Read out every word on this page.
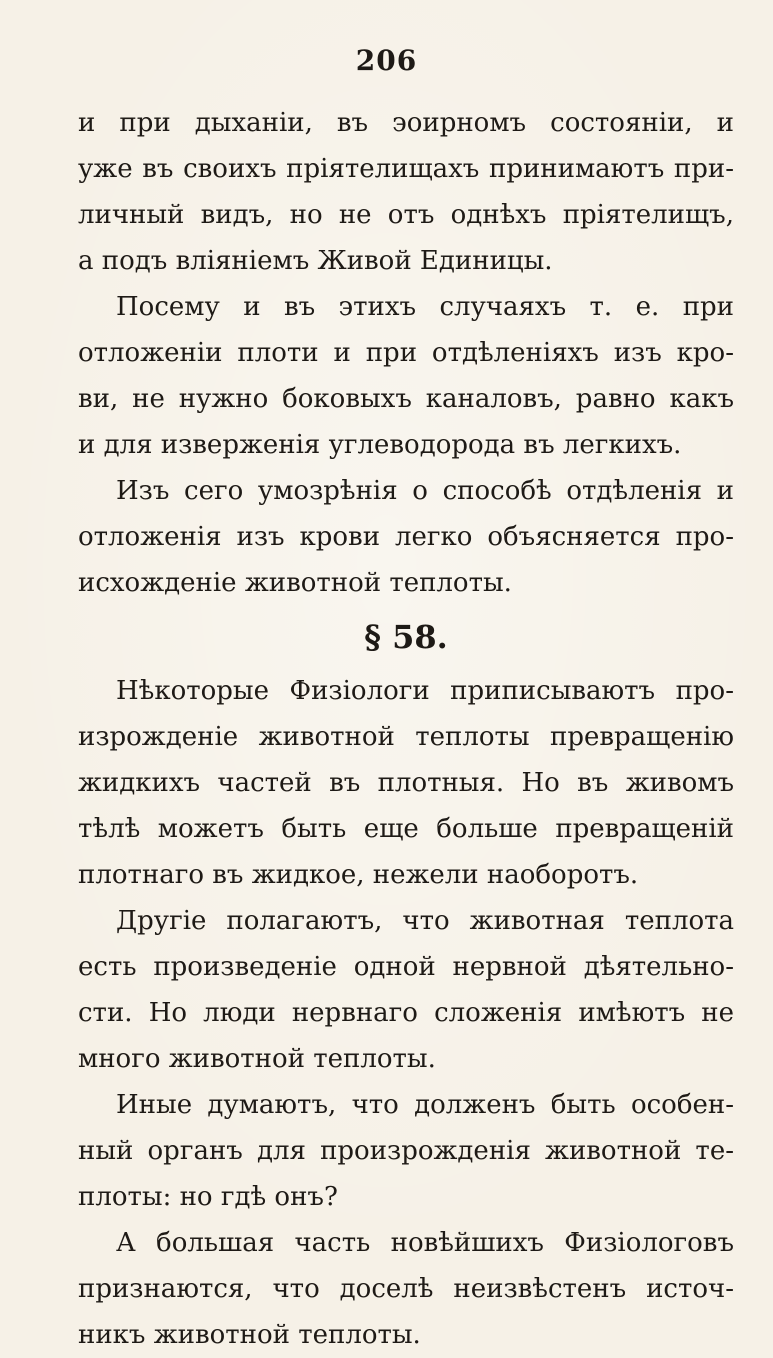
206
и при дыханіи, въ эоирномъ состояніи, и
уже въ своихъ пріятелищахъ принимаютъ при-
личный видъ, но не отъ однѣхъ пріятелищъ,
а подъ вліяніемъ Живой Единицы.
Посему и въ этихъ случаяхъ т. е. при
отложеніи плоти и при отдѣленіяхъ изъ кро-
ви, не нужно боковыхъ каналовъ, равно какъ
и для изверженія углеводорода въ легкихъ.
Изъ сего умозрѣнія о способѣ отдѣленія и
отложенія изъ крови легко объясняется про-
исхожденіе животной теплоты.
§ 58.
Нѣкоторые Физіологи приписываютъ про-
изрожденіе животной теплоты превращенію
жидкихъ частей въ плотныя. Но въ живомъ
тѣлѣ можетъ быть еще больше превращеній
плотнаго въ жидкое, нежели наоборотъ.
Другіе полагаютъ, что животная теплота
есть произведеніе одной нервной дѣятельно-
сти. Но люди нервнаго сложенія имѣютъ не
много животной теплоты.
Иные думаютъ, что долженъ быть особен-
ный органъ для произрожденія животной те-
плоты: но гдѣ онъ?
А большая часть новѣйшихъ Физіологовъ
признаются, что доселѣ неизвѣстенъ источ-
никъ животной теплоты.
